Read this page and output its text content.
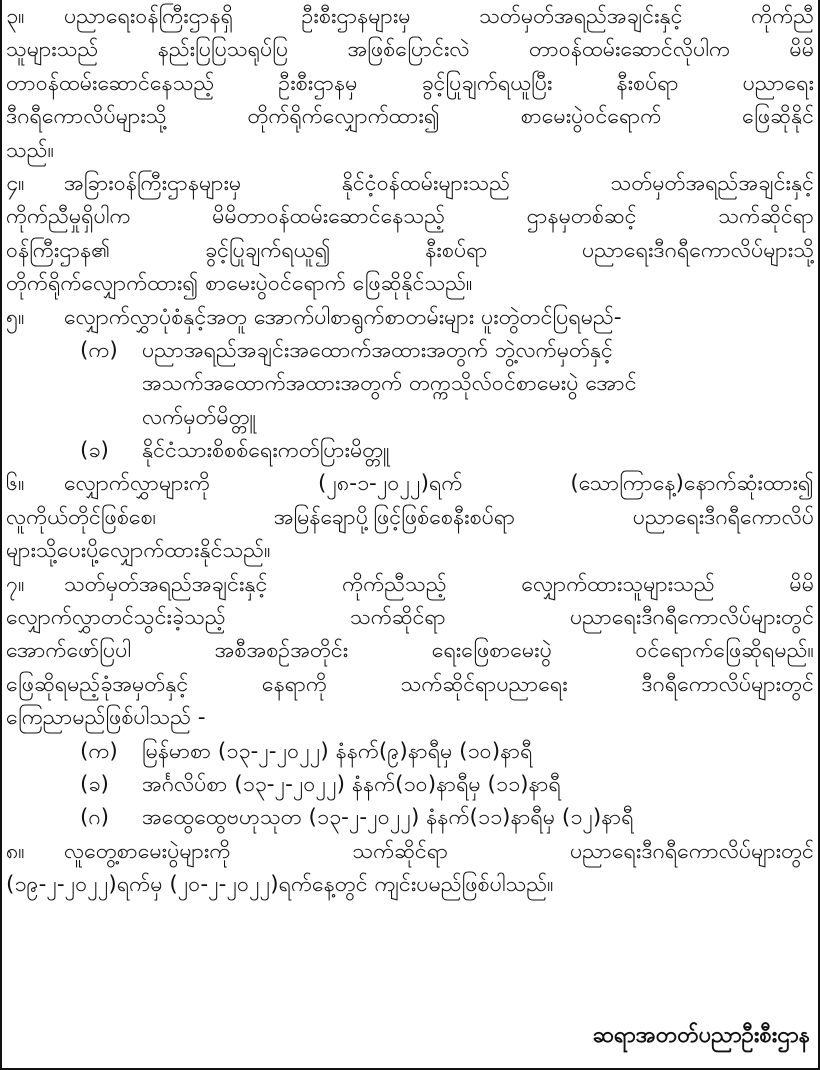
၃။ ပညာရေးဝန်ကြီးဌာနရှိ ဦးစီးဌာနများမှ သတ်မှတ်အရည်အချင်းနှင့် ကိုက်ညီ
သူများသည် နည်းပြပြသရုပ်ပြ အဖြစ်ပြောင်းလဲ တာဝန်ထမ်းဆောင်လိုပါက မိမိ
တာဝန်ထမ်းဆောင်နေသည့် ဦးစီးဌာနမှ ခွင့်ပြုချက်ရယူပြီး နီးစပ်ရာ ပညာရေး
ဒီဂရီကောလိပ်များသို့ တိုက်ရိုက်လျှောက်ထား၍ စာမေးပွဲဝင်ရောက် ဖြေဆိုနိုင်
သည်။
၄။ အခြားဝန်ကြီးဌာနများမှ နိုင်ငံ့ဝန်ထမ်းများသည် သတ်မှတ်အရည်အချင်းနှင့်
ကိုက်ညီမှုရှိပါက မိမိတာဝန်ထမ်းဆောင်နေသည့် ဌာနမှတစ်ဆင့် သက်ဆိုင်ရာ
ဝန်ကြီးဌာန၏ ခွင့်ပြုချက်ရယူ၍ နီးစပ်ရာ ပညာရေးဒီဂရီကောလိပ်များသို့
တိုက်ရိုက်လျှောက်ထား၍ စာမေးပွဲဝင်ရောက် ဖြေဆိုနိုင်သည်။
၅။ လျှောက်လွှာပုံစံနှင့်အတူ အောက်ပါစာရွက်စာတမ်းများ ပူးတွဲတင်ပြရမည်-
(က)	ပညာအရည်အချင်းအထောက်အထားအတွက် ဘွဲ့လက်မှတ်နှင့်
အသက်အထောက်အထားအတွက် တက္ကသိုလ်ဝင်စာမေးပွဲ အောင်
လက်မှတ်မိတ္တူ
(ခ)	နိုင်ငံသားစိစစ်ရေးကတ်ပြားမိတ္တူ
၆။ လျှောက်လွှာများကို (၂၈-၁-၂၀၂၂)ရက် (သောကြာနေ့)နောက်ဆုံးထား၍
လူကိုယ်တိုင်ဖြစ်စေ၊ အမြန်ချောပို့ဖြင့်ဖြစ်စေနီးစပ်ရာ ပညာရေးဒီဂရီကောလိပ်
များသို့ပေးပို့လျှောက်ထားနိုင်သည်။
၇။ သတ်မှတ်အရည်အချင်းနှင့် ကိုက်ညီသည့် လျှောက်ထားသူများသည် မိမိ
လျှောက်လွှာတင်သွင်းခဲ့သည့် သက်ဆိုင်ရာ ပညာရေးဒီဂရီကောလိပ်များတွင်
အောက်ဖော်ပြပါ အစီအစဉ်အတိုင်း ရေးဖြေစာမေးပွဲ ဝင်ရောက်ဖြေဆိုရမည်။
ဖြေဆိုရမည့်ခုံအမှတ်နှင့် နေရာကို သက်ဆိုင်ရာပညာရေး ဒီဂရီကောလိပ်များတွင်
ကြေညာမည်ဖြစ်ပါသည် -
(က)	မြန်မာစာ (၁၃-၂-၂၀၂၂) နံနက်(၉)နာရီမှ (၁၀)နာရီ
(ခ)	အင်္ဂလိပ်စာ (၁၃-၂-၂၀၂၂) နံနက်(၁၀)နာရီမှ (၁၁)နာရီ
(ဂ)	အထွေထွေဗဟုသုတ (၁၃-၂-၂၀၂၂) နံနက်(၁၁)နာရီမှ (၁၂)နာရီ
၈။ လူတွေ့စာမေးပွဲများကို သက်ဆိုင်ရာ ပညာရေးဒီဂရီကောလိပ်များတွင်
(၁၉-၂-၂၀၂၂)ရက်မှ (၂၀-၂-၂၀၂၂)ရက်နေ့တွင် ကျင်းပမည်ဖြစ်ပါသည်။
ဆရာအတတ်ပညာဦးစီးဌာန
